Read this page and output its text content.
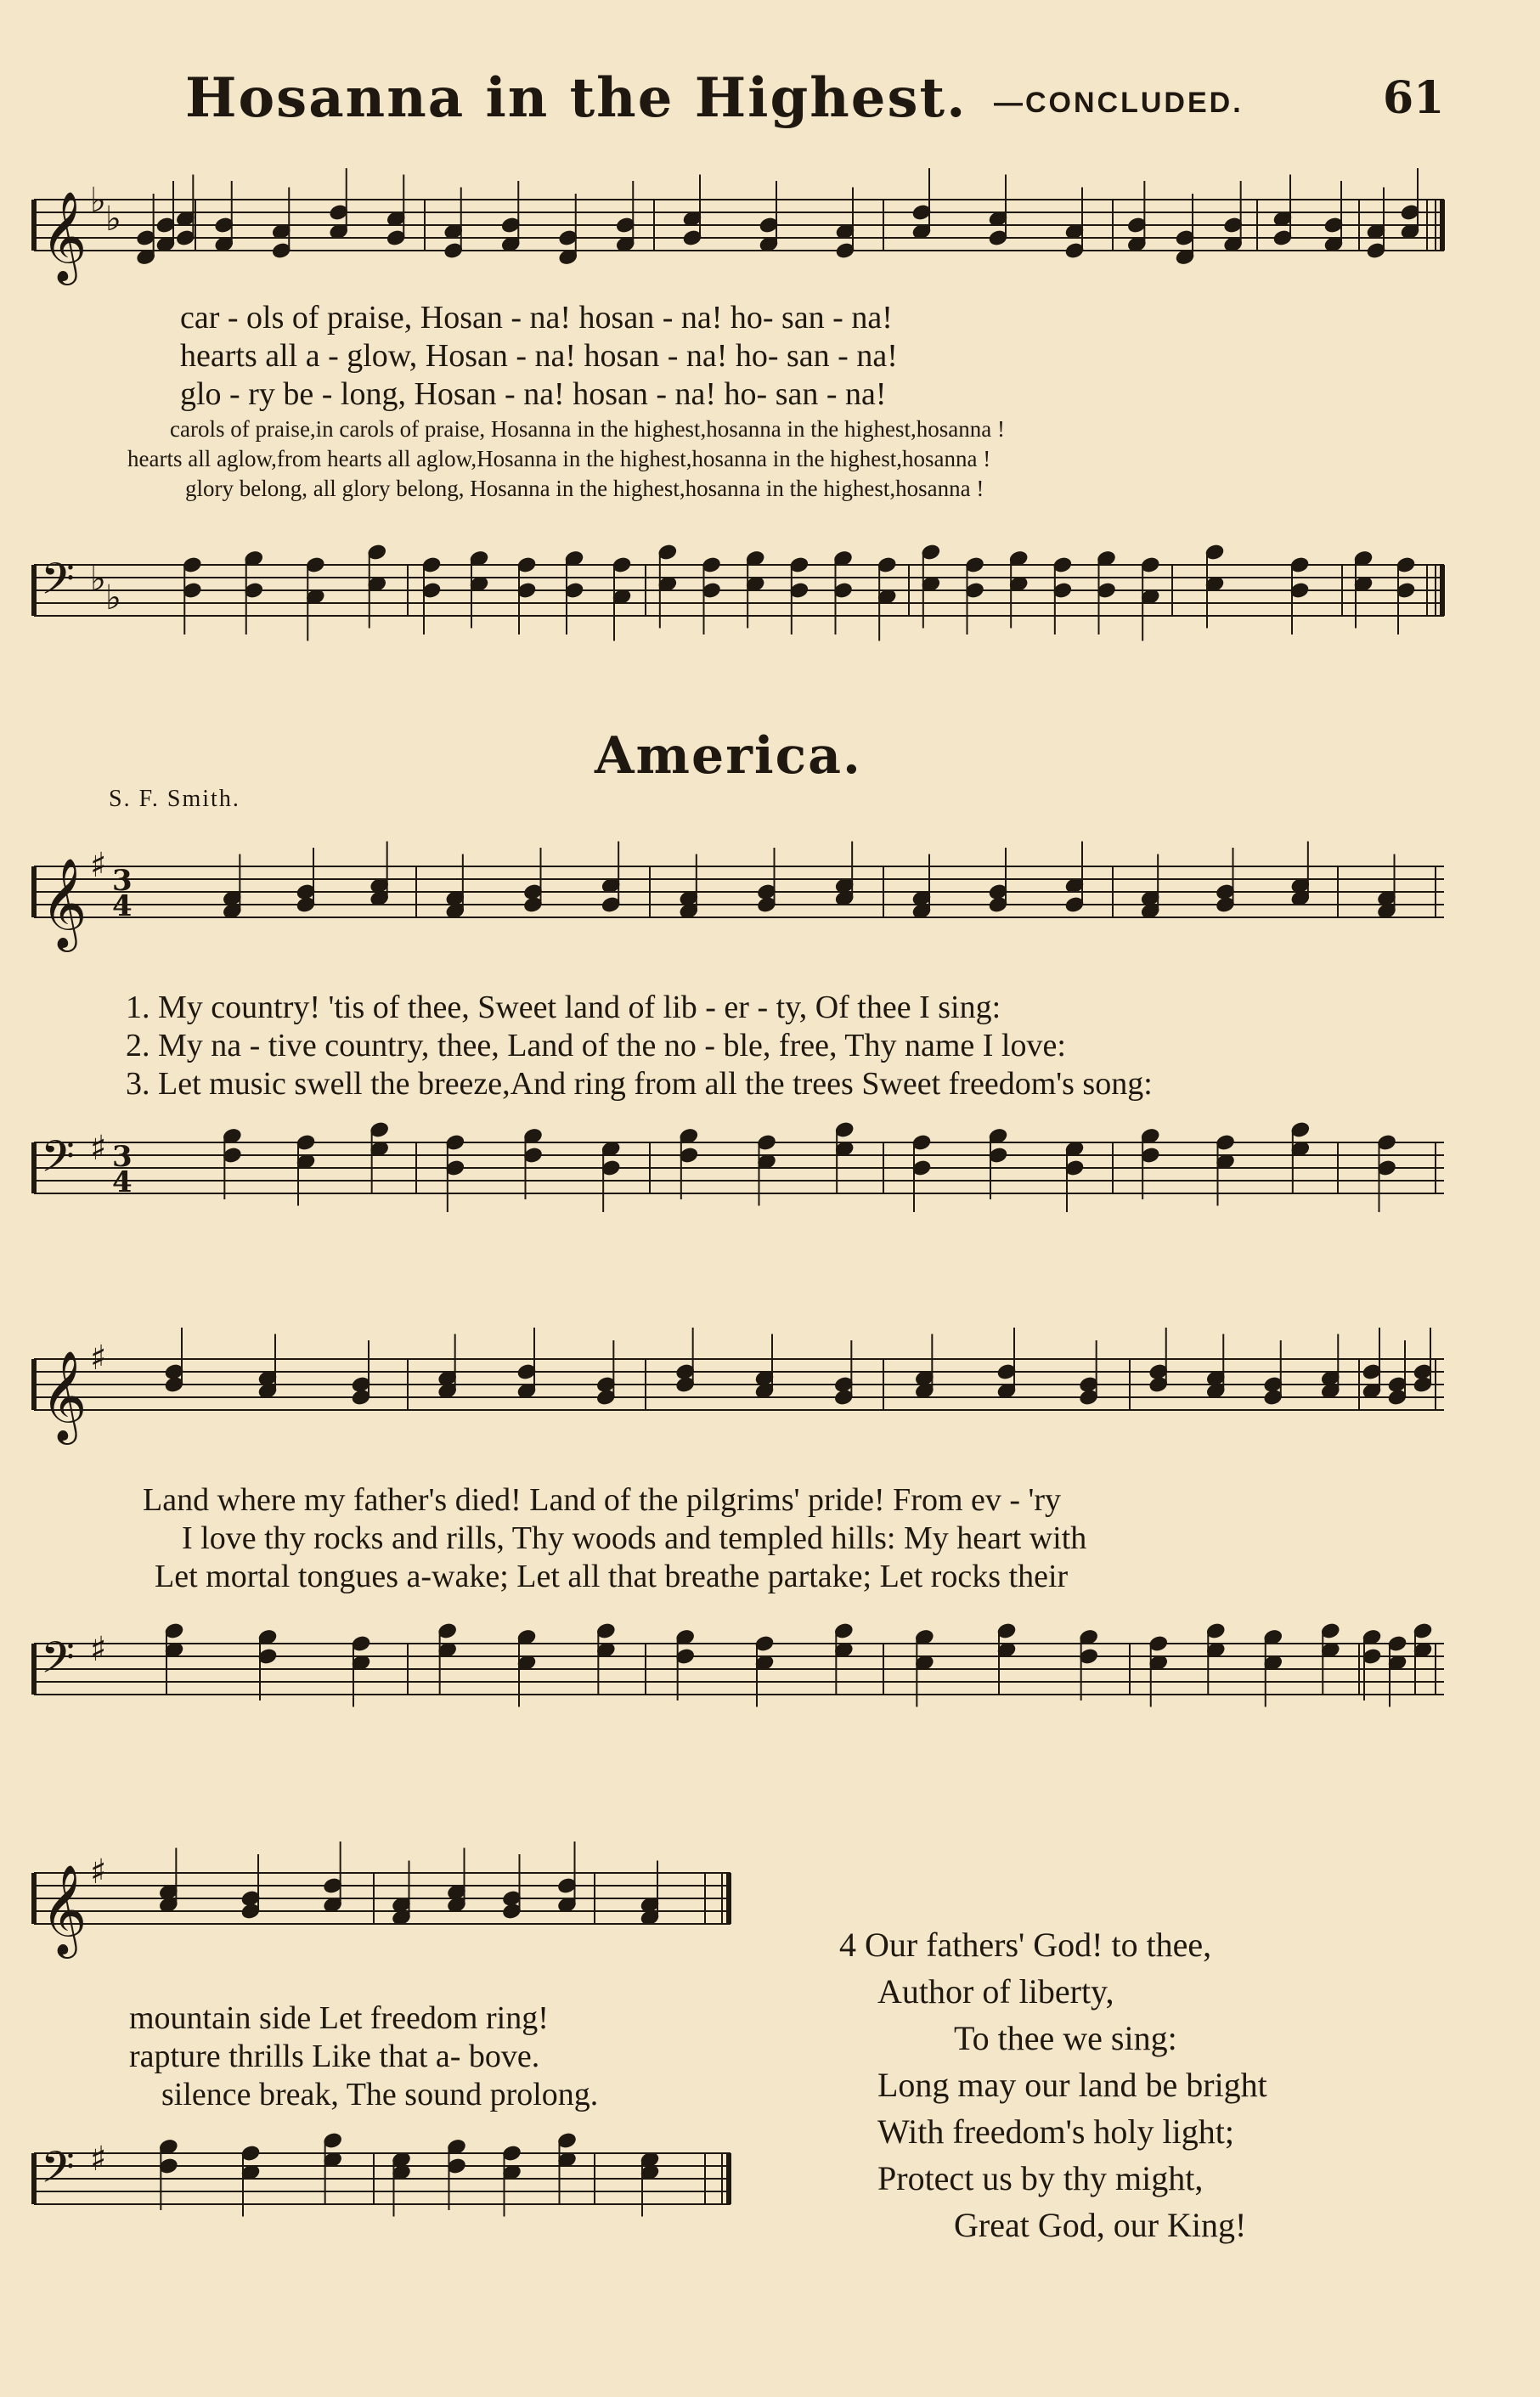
Hosanna in the Highest. —CONCLUDED.	61
𝄞 ♭ ♭
car - ols of praise, Hosan - na! hosan - na! ho- san - na!
hearts all a - glow, Hosan - na! hosan - na! ho- san - na!
glo - ry be - long, Hosan - na! hosan - na! ho- san - na!
carols of praise,in carols of praise, Hosanna in the highest,hosanna in the highest,hosanna !
hearts all aglow,from hearts all aglow,Hosanna in the highest,hosanna in the highest,hosanna !
glory belong, all glory belong, Hosanna in the highest,hosanna in the highest,hosanna !
𝄢 ♭ ♭
America.
S. F. Smith.
𝄞 ♯ 3
4
1. My country! 'tis of thee, Sweet land of lib - er - ty, Of thee I sing:
2. My na - tive country, thee, Land of the no - ble, free, Thy name I love:
3. Let music swell the breeze,And ring from all the trees Sweet freedom's song:
𝄢 ♯ 3
4
𝄞 ♯
Land where my father's died! Land of the pilgrims' pride! From ev - 'ry
I love thy rocks and rills, Thy woods and templed hills: My heart with
Let mortal tongues a-wake; Let all that breathe partake; Let rocks their
𝄢 ♯
𝄞 ♯
mountain side Let freedom ring!
rapture thrills Like that a- bove.
silence break, The sound prolong.
𝄢 ♯
4 Our fathers' God! to thee,
Author of liberty,
To thee we sing:
Long may our land be bright
With freedom's holy light;
Protect us by thy might,
Great God, our King!
